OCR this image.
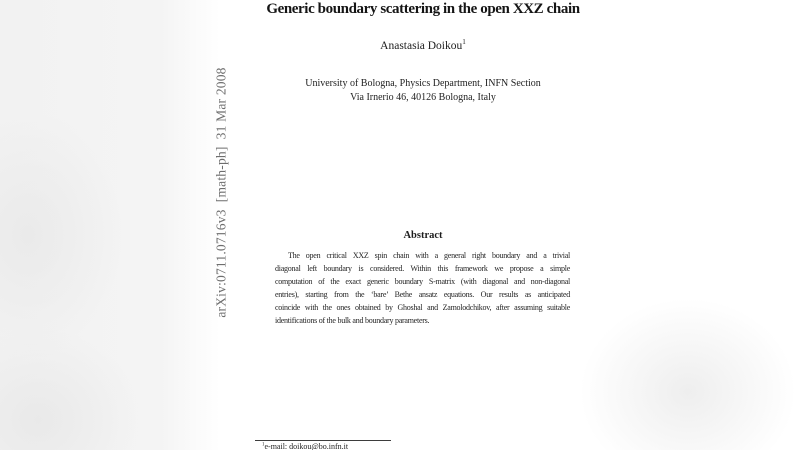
arXiv:0711.0716v3  [math-ph]  31 Mar 2008
Generic boundary scattering in the open XXZ chain
Anastasia Doikou$^1$
University of Bologna, Physics Department, INFN Section
Via Irnerio 46, 40126 Bologna, Italy
Abstract
The open critical XXZ spin chain with a general right boundary and a trivial
diagonal left boundary is considered. Within this framework we propose a simple
computation of the exact generic boundary S-matrix (with diagonal and non-diagonal
entries), starting from the ‘bare’ Bethe ansatz equations. Our results as anticipated
coincide with the ones obtained by Ghoshal and Zamolodchikov, after assuming suitable
identifications of the bulk and boundary parameters.
$^1$e-mail: doikou@bo.infn.it
